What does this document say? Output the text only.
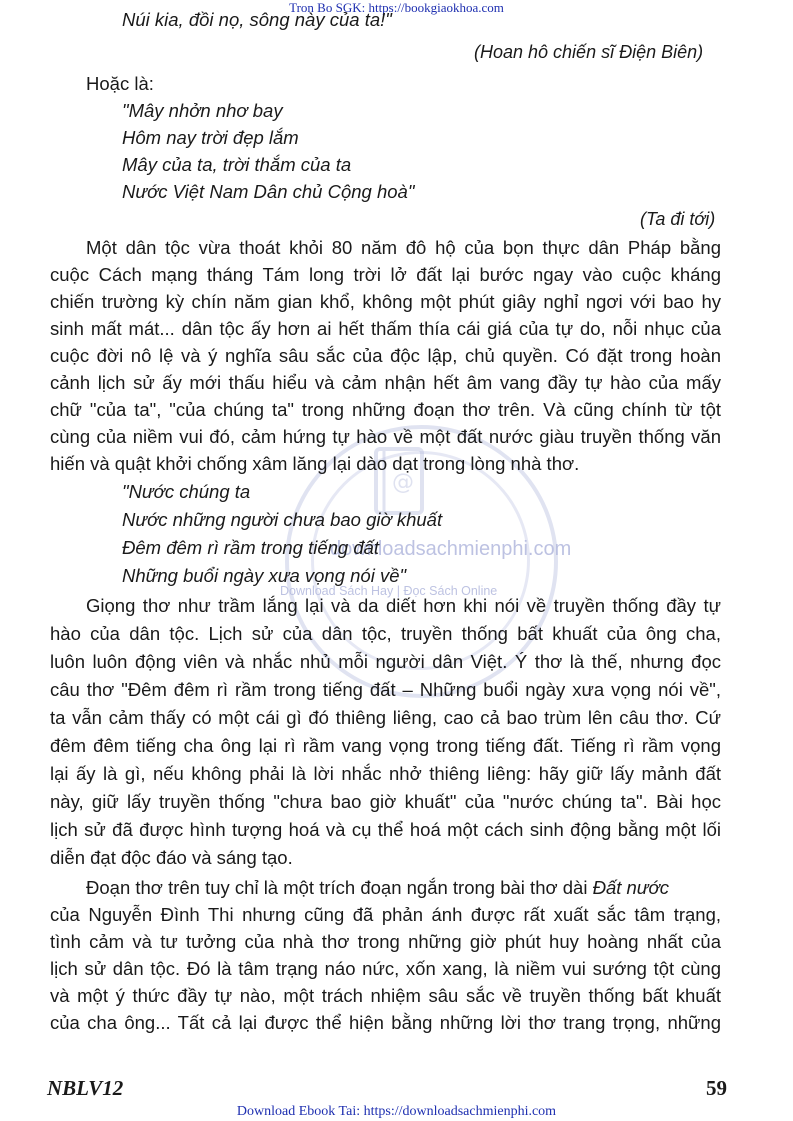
@
downloadsachmienphi.com
Download Sách Hay | Đọc Sách Online
Tron Bo SGK: https://bookgiaokhoa.com
Núi kia, đồi nọ, sông này của ta!"
(Hoan hô chiến sĩ Điện Biên)
Hoặc là:
"Mây nhởn nhơ bay
Hôm nay trời đẹp lắm
Mây của ta, trời thắm của ta
Nước Việt Nam Dân chủ Cộng hoà"
(Ta đi tới)
Một dân tộc vừa thoát khỏi 80 năm đô hộ của bọn thực dân Pháp bằng
cuộc Cách mạng tháng Tám long trời lở đất lại bước ngay vào cuộc kháng
chiến trường kỳ chín năm gian khổ, không một phút giây nghỉ ngơi với bao hy
sinh mất mát... dân tộc ấy hơn ai hết thấm thía cái giá của tự do, nỗi nhục của
cuộc đời nô lệ và ý nghĩa sâu sắc của độc lập, chủ quyền. Có đặt trong hoàn
cảnh lịch sử ấy mới thấu hiểu và cảm nhận hết âm vang đầy tự hào của mấy
chữ "của ta", "của chúng ta" trong những đoạn thơ trên. Và cũng chính từ tột
cùng của niềm vui đó, cảm hứng tự hào về một đất nước giàu truyền thống văn
hiến và quật khởi chống xâm lăng lại dào dạt trong lòng nhà thơ.
"Nước chúng ta
Nước những người chưa bao giờ khuất
Đêm đêm rì rầm trong tiếng đất
Những buổi ngày xưa vọng nói về"
Giọng thơ như trầm lắng lại và da diết hơn khi nói về truyền thống đầy tự
hào của dân tộc. Lịch sử của dân tộc, truyền thống bất khuất của ông cha,
luôn luôn động viên và nhắc nhủ mỗi người dân Việt. Ý thơ là thế, nhưng đọc
câu thơ "Đêm đêm rì rầm trong tiếng đất – Những buổi ngày xưa vọng nói về",
ta vẫn cảm thấy có một cái gì đó thiêng liêng, cao cả bao trùm lên câu thơ. Cứ
đêm đêm tiếng cha ông lại rì rầm vang vọng trong tiếng đất. Tiếng rì rầm vọng
lại ấy là gì, nếu không phải là lời nhắc nhở thiêng liêng: hãy giữ lấy mảnh đất
này, giữ lấy truyền thống "chưa bao giờ khuất" của "nước chúng ta". Bài học
lịch sử đã được hình tượng hoá và cụ thể hoá một cách sinh động bằng một lối
diễn đạt độc đáo và sáng tạo.
Đoạn thơ trên tuy chỉ là một trích đoạn ngắn trong bài thơ dài Đất nước
của Nguyễn Đình Thi nhưng cũng đã phản ánh được rất xuất sắc tâm trạng,
tình cảm và tư tưởng của nhà thơ trong những giờ phút huy hoàng nhất của
lịch sử dân tộc. Đó là tâm trạng náo nức, xốn xang, là niềm vui sướng tột cùng
và một ý thức đầy tự nào, một trách nhiệm sâu sắc về truyền thống bất khuất
của cha ông... Tất cả lại được thể hiện bằng những lời thơ trang trọng, những
NBLV12	59
Download Ebook Tai: https://downloadsachmienphi.com
